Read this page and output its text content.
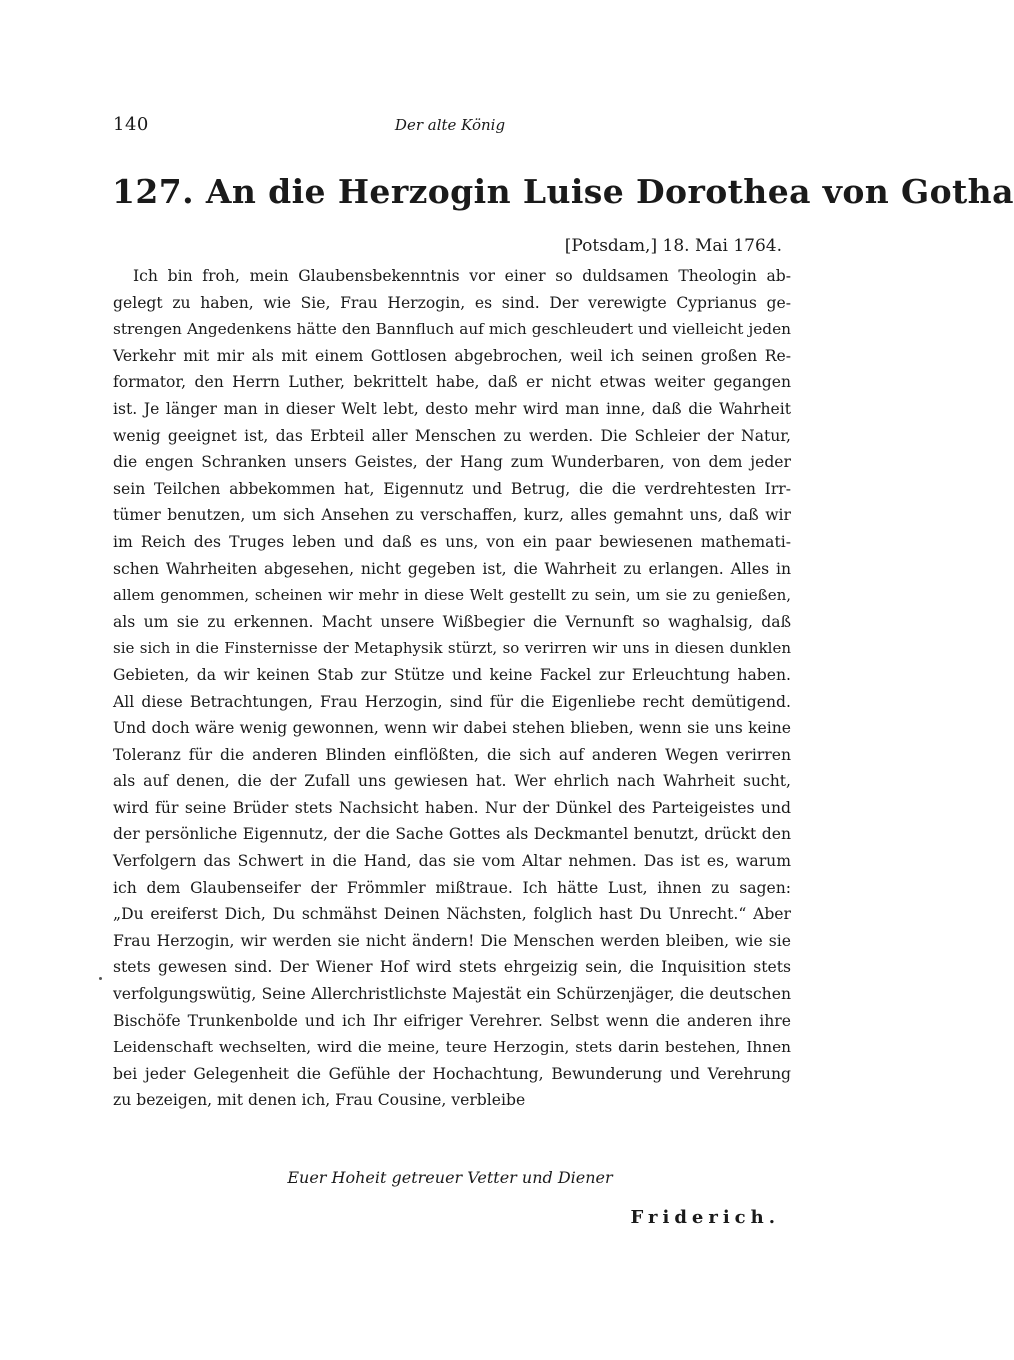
140	Der alte König
127. An die Herzogin Luise Dorothea von Gotha
[Potsdam,] 18. Mai 1764.
Ich bin froh, mein Glaubensbekenntnis vor einer so duldsamen Theologin ab-
gelegt zu haben, wie Sie, Frau Herzogin, es sind. Der verewigte Cyprianus ge-
strengen Angedenkens hätte den Bannfluch auf mich geschleudert und vielleicht jeden
Verkehr mit mir als mit einem Gottlosen abgebrochen, weil ich seinen großen Re-
formator, den Herrn Luther, bekrittelt habe, daß er nicht etwas weiter gegangen
ist. Je länger man in dieser Welt lebt, desto mehr wird man inne, daß die Wahrheit
wenig geeignet ist, das Erbteil aller Menschen zu werden. Die Schleier der Natur,
die engen Schranken unsers Geistes, der Hang zum Wunderbaren, von dem jeder
sein Teilchen abbekommen hat, Eigennutz und Betrug, die die verdrehtesten Irr-
tümer benutzen, um sich Ansehen zu verschaffen, kurz, alles gemahnt uns, daß wir
im Reich des Truges leben und daß es uns, von ein paar bewiesenen mathemati-
schen Wahrheiten abgesehen, nicht gegeben ist, die Wahrheit zu erlangen. Alles in
allem genommen, scheinen wir mehr in diese Welt gestellt zu sein, um sie zu genießen,
als um sie zu erkennen. Macht unsere Wißbegier die Vernunft so waghalsig, daß
sie sich in die Finsternisse der Metaphysik stürzt, so verirren wir uns in diesen dunklen
Gebieten, da wir keinen Stab zur Stütze und keine Fackel zur Erleuchtung haben.
All diese Betrachtungen, Frau Herzogin, sind für die Eigenliebe recht demütigend.
Und doch wäre wenig gewonnen, wenn wir dabei stehen blieben, wenn sie uns keine
Toleranz für die anderen Blinden einflößten, die sich auf anderen Wegen verirren
als auf denen, die der Zufall uns gewiesen hat. Wer ehrlich nach Wahrheit sucht,
wird für seine Brüder stets Nachsicht haben. Nur der Dünkel des Parteigeistes und
der persönliche Eigennutz, der die Sache Gottes als Deckmantel benutzt, drückt den
Verfolgern das Schwert in die Hand, das sie vom Altar nehmen. Das ist es, warum
ich dem Glaubenseifer der Frömmler mißtraue. Ich hätte Lust, ihnen zu sagen:
„Du ereiferst Dich, Du schmähst Deinen Nächsten, folglich hast Du Unrecht.“ Aber
Frau Herzogin, wir werden sie nicht ändern! Die Menschen werden bleiben, wie sie
stets gewesen sind. Der Wiener Hof wird stets ehrgeizig sein, die Inquisition stets
verfolgungswütig, Seine Allerchristlichste Majestät ein Schürzenjäger, die deutschen
Bischöfe Trunkenbolde und ich Ihr eifriger Verehrer. Selbst wenn die anderen ihre
Leidenschaft wechselten, wird die meine, teure Herzogin, stets darin bestehen, Ihnen
bei jeder Gelegenheit die Gefühle der Hochachtung, Bewunderung und Verehrung
zu bezeigen, mit denen ich, Frau Cousine, verbleibe
Euer Hoheit getreuer Vetter und Diener
Friderich.
